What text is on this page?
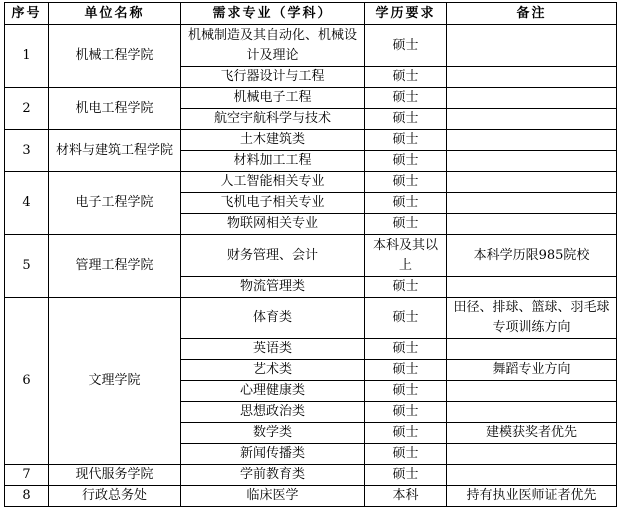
序号	单位名称	需求专业（学科）	学历要求	备注
1	机械工程学院	机械制造及其自动化、机械设计及理论	硕士	
		飞行器设计与工程	硕士	
2	机电工程学院	机械电子工程	硕士	
		航空宇航科学与技术	硕士	
3	材料与建筑工程学院	土木建筑类	硕士	
		材料加工工程	硕士	
4	电子工程学院	人工智能相关专业	硕士	
		飞机电子相关专业	硕士	
		物联网相关专业	硕士	
5	管理工程学院	财务管理、会计	本科及其以上	本科学历限985院校
		物流管理类	硕士	
6	文理学院	体育类	硕士	田径、排球、篮球、羽毛球专项训练方向
		英语类	硕士	
		艺术类	硕士	舞蹈专业方向
		心理健康类	硕士	
		思想政治类	硕士	
		数学类	硕士	建模获奖者优先
		新闻传播类	硕士	
7	现代服务学院	学前教育类	硕士	
8	行政总务处	临床医学	本科	持有执业医师证者优先
